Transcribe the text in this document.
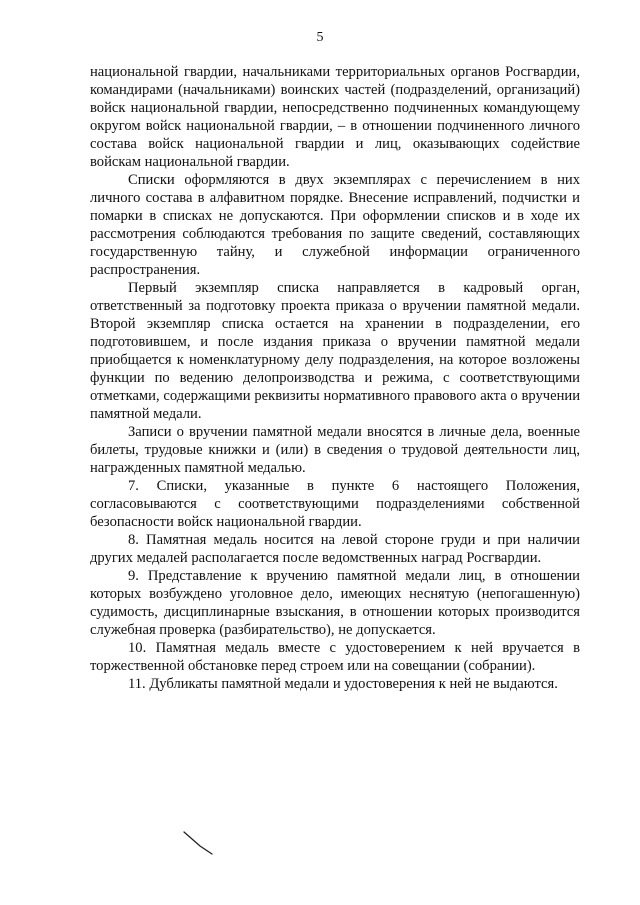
5

национальной гвардии, начальниками территориальных органов Росгвардии, командирами (начальниками) воинских частей (подразделений, организаций) войск национальной гвардии, непосредственно подчиненных командующему округом войск национальной гвардии, – в отношении подчиненного личного состава войск национальной гвардии и лиц, оказывающих содействие войскам национальной гвардии.

Списки оформляются в двух экземплярах с перечислением в них личного состава в алфавитном порядке. Внесение исправлений, подчистки и помарки в списках не допускаются. При оформлении списков и в ходе их рассмотрения соблюдаются требования по защите сведений, составляющих государственную тайну, и служебной информации ограниченного распространения.

Первый экземпляр списка направляется в кадровый орган, ответственный за подготовку проекта приказа о вручении памятной медали. Второй экземпляр списка остается на хранении в подразделении, его подготовившем, и после издания приказа о вручении памятной медали приобщается к номенклатурному делу подразделения, на которое возложены функции по ведению делопроизводства и режима, с соответствующими отметками, содержащими реквизиты нормативного правового акта о вручении памятной медали.

Записи о вручении памятной медали вносятся в личные дела, военные билеты, трудовые книжки и (или) в сведения о трудовой деятельности лиц, награжденных памятной медалью.

7. Списки, указанные в пункте 6 настоящего Положения, согласовываются с соответствующими подразделениями собственной безопасности войск национальной гвардии.

8. Памятная медаль носится на левой стороне груди и при наличии других медалей располагается после ведомственных наград Росгвардии.

9. Представление к вручению памятной медали лиц, в отношении которых возбуждено уголовное дело, имеющих неснятую (непогашенную) судимость, дисциплинарные взыскания, в отношении которых производится служебная проверка (разбирательство), не допускается.

10. Памятная медаль вместе с удостоверением к ней вручается в торжественной обстановке перед строем или на совещании (собрании).

11. Дубликаты памятной медали и удостоверения к ней не выдаются.
